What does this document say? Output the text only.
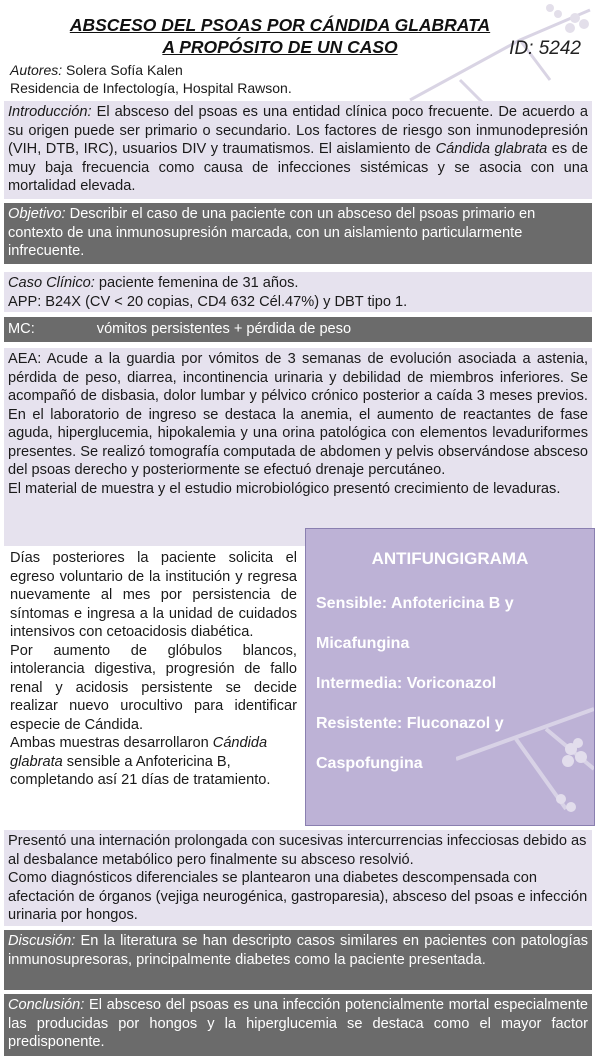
ABSCESO DEL PSOAS POR CÁNDIDA GLABRATA
A PROPÓSITO DE UN CASO	ID: 5242
Autores: Solera Sofía Kalen
Residencia de Infectología, Hospital Rawson.
Introducción: El absceso del psoas es una entidad clínica poco frecuente. De acuerdo a su origen puede ser primario o secundario. Los factores de riesgo son inmunodepresión (VIH, DTB, IRC), usuarios DIV y traumatismos. El aislamiento de Cándida glabrata es de muy baja frecuencia como causa de infecciones sistémicas y se asocia con una mortalidad elevada.
Objetivo: Describir el caso de una paciente con un absceso del psoas primario en contexto de una inmunosupresión marcada, con un aislamiento particularmente infrecuente.
Caso Clínico: paciente femenina de 31 años.
APP: B24X (CV < 20 copias, CD4 632 Cél.47%) y DBT tipo 1.
MC:	vómitos persistentes + pérdida de peso
AEA: Acude a la guardia por vómitos de 3 semanas de evolución asociada a astenia, pérdida de peso, diarrea, incontinencia urinaria y debilidad de miembros inferiores. Se acompañó de disbasia, dolor lumbar y pélvico crónico posterior a caída 3 meses previos. En el laboratorio de ingreso se destaca la anemia, el aumento de reactantes de fase aguda, hiperglucemia, hipokalemia y una orina patológica con elementos levaduriformes presentes. Se realizó tomografía computada de abdomen y pelvis observándose absceso del psoas derecho y posteriormente se efectuó drenaje percutáneo.
El material de muestra y el estudio microbiológico presentó crecimiento de levaduras.
Días posteriores la paciente solicita el egreso voluntario de la institución y regresa nuevamente al mes por persistencia de síntomas e ingresa a la unidad de cuidados intensivos con cetoacidosis diabética.
Por aumento de glóbulos blancos, intolerancia digestiva, progresión de fallo renal y acidosis persistente se decide realizar nuevo urocultivo para identificar especie de Cándida.
Ambas muestras desarrollaron Cándida glabrata sensible a Anfotericina B, completando así 21 días de tratamiento.
ANTIFUNGIGRAMA
Sensible: Anfotericina B y
Micafungina
Intermedia: Voriconazol
Resistente: Fluconazol y
Caspofungina
Presentó una internación prolongada con sucesivas intercurrencias infecciosas debido as al desbalance metabólico pero finalmente su absceso resolvió.
Como diagnósticos diferenciales se plantearon una diabetes descompensada con afectación de órganos (vejiga neurogénica, gastroparesia), absceso del psoas e infección urinaria por hongos.
Discusión: En la literatura se han descripto casos similares en pacientes con patologías inmunosupresoras, principalmente diabetes como la paciente presentada.
Conclusión: El absceso del psoas es una infección potencialmente mortal especialmente las producidas por hongos y la hiperglucemia se destaca como el mayor factor predisponente.
